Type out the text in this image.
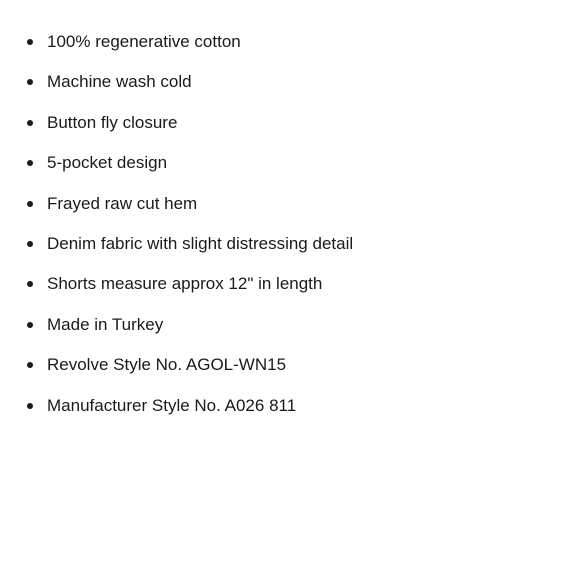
100% regenerative cotton
Machine wash cold
Button fly closure
5-pocket design
Frayed raw cut hem
Denim fabric with slight distressing detail
Shorts measure approx 12" in length
Made in Turkey
Revolve Style No. AGOL-WN15
Manufacturer Style No. A026 811
